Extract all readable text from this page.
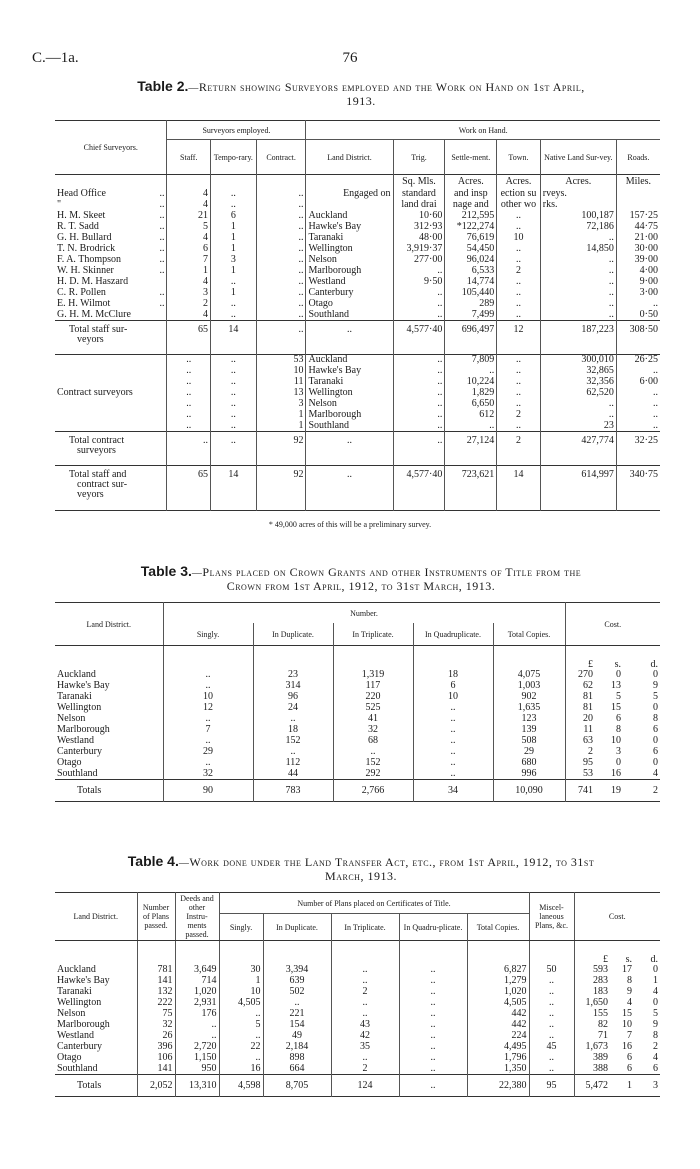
C.—1a.	76
Table 2.—Return showing Surveyors employed and the Work on Hand on 1st April,
1913.
Chief Surveyors.	Surveyors employed.			Work on Hand.					
	Staff.	Tempo-rary.	Contract.	Land District.	Trig.	Settle-ment.	Town.	Native Land Sur-vey.	Roads.
					Sq. Mls.	Acres.	Acres.	Acres.	Miles.
Head Office ..	4	..	..	Engaged on	standard	and insp	ection su	rveys.	
" ..	4	..	..		land drai	nage and	other wo	rks.	
H. M. Skeet ..	21	6	..	Auckland	10·60	212,595	..	100,187	157·25
R. T. Sadd ..	5	1	..	Hawke's Bay	312·93	*122,274	..	72,186	44·75
G. H. Bullard ..	4	1	..	Taranaki	48·00	76,619	10	..	21·00
T. N. Brodrick ..	6	1	..	Wellington	3,919·37	54,450	..	14,850	30·00
F. A. Thompson ..	7	3	..	Nelson	277·00	96,024	..	..	39·00
W. H. Skinner ..	1	1	..	Marlborough	..	6,533	2	..	4·00
H. D. M. Haszard	4	..	..	Westland	9·50	14,774	..	..	9·00
C. R. Pollen ..	3	1	..	Canterbury	..	105,440	..	..	3·00
E. H. Wilmot ..	2	..	..	Otago	..	289	..	..	..
G. H. M. McClure	4	..	..	Southland	..	7,499	..	..	0·50

Total staff sur-
veyors	65	14	..	..	4,577·40	696,497	12	187,223	308·50
	..	..	53	Auckland	..	7,809	..	300,010	26·25
	..	..	10	Hawke's Bay	..	..	..	32,865	..
	..	..	11	Taranaki	..	10,224	..	32,356	6·00
Contract surveyors	..	..	13	Wellington	..	1,829	..	62,520	..
	..	..	3	Nelson	..	6,650	..	..	..
	..	..	1	Marlborough	..	612	2	..	..
	..	..	1	Southland	..	..	..	23	..

Total contract
surveyors	..	..	92	..	..	27,124	2	427,774	32·25

Total staff and
contract sur-
veyors	65	14	92	..	4,577·40	723,621	14	614,997	340·75
* 49,000 acres of this will be a preliminary survey.
Table 3.—Plans placed on Crown Grants and other Instruments of Title from the
Crown from 1st April, 1912, to 31st March, 1913.
Land District.	Number.					Cost.		
	Singly.	In Duplicate.	In Triplicate.	In Quadruplicate.	Total Copies.			
						£	s.	d.
Auckland	..	23	1,319	18	4,075	270	0	0
Hawke's Bay	..	314	117	6	1,003	62	13	9
Taranaki	10	96	220	10	902	81	5	5
Wellington	12	24	525	..	1,635	81	15	0
Nelson	..	..	41	..	123	20	6	8
Marlborough	7	18	32	..	139	11	8	6
Westland	..	152	68	..	508	63	10	0
Canterbury	29	..	..	..	29	2	3	6
Otago	..	112	152	..	680	95	0	0
Southland	32	44	292	..	996	53	16	4
Totals	90	783	2,766	34	10,090	741	19	2
Table 4.—Work done under the Land Transfer Act, etc., from 1st April, 1912, to 31st
March, 1913.
Land District.	Number of Plans passed.	Deeds and other Instru-ments passed.	Number of Plans placed on Certificates of Title.					Miscel-laneous Plans, &c.	Cost.		
			Singly.	In Duplicate.	In Triplicate.	In Quadru-plicate.	Total Copies.				
									£	s.	d.
Auckland	781	3,649	30	3,394	..	..	6,827	50	593	17	0
Hawke's Bay	141	714	1	639	..	..	1,279	..	283	8	1
Taranaki	132	1,020	10	502	2	..	1,020	..	183	9	4
Wellington	222	2,931	4,505	..	..	..	4,505	..	1,650	4	0
Nelson	75	176	..	221	..	..	442	..	155	15	5
Marlborough	32	..	5	154	43	..	442	..	82	10	9
Westland	26	..	..	49	42	..	224	..	71	7	8
Canterbury	396	2,720	22	2,184	35	..	4,495	45	1,673	16	2
Otago	106	1,150	..	898	..	..	1,796	..	389	6	4
Southland	141	950	16	664	2	..	1,350	..	388	6	6
Totals	2,052	13,310	4,598	8,705	124	..	22,380	95	5,472	1	3
